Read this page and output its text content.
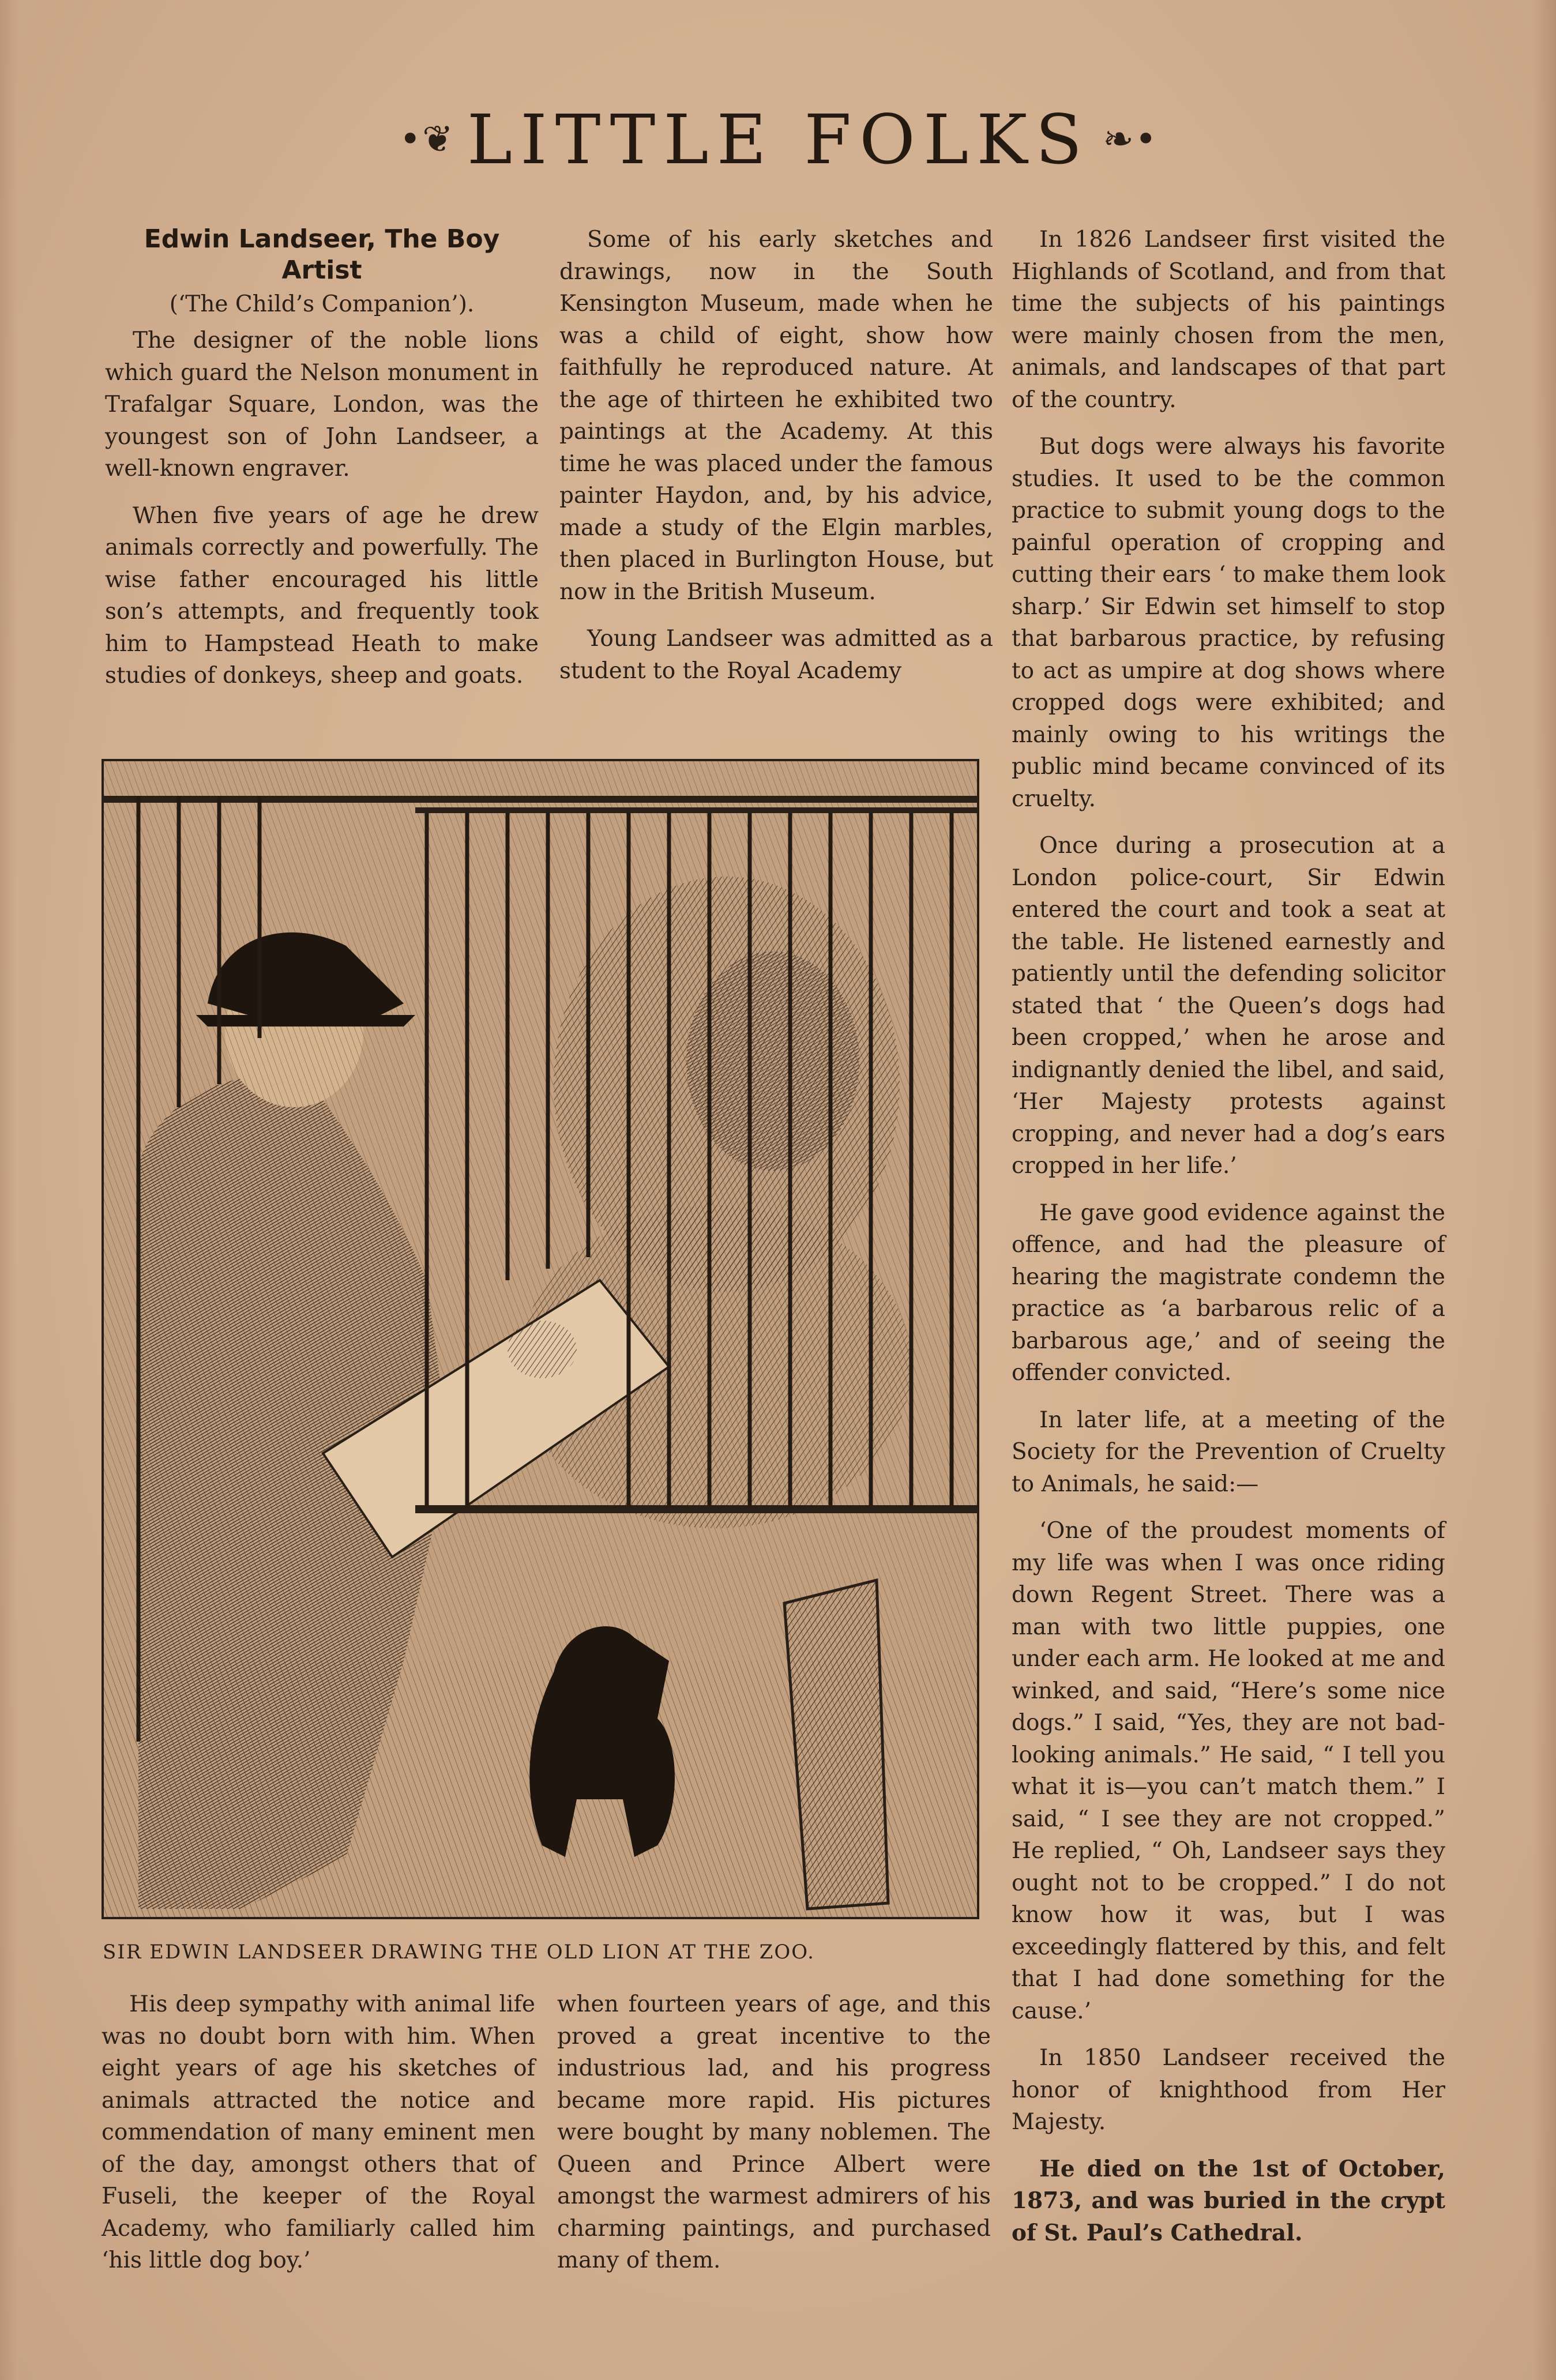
•❦ LITTLE FOLKS ❧•
Edwin Landseer, The Boy Artist
(‘The Child’s Companion’).

The designer of the noble lions which guard the Nelson monument in Trafalgar Square, London, was the youngest son of John Landseer, a well-known engraver.

When five years of age he drew animals correctly and powerfully. The wise father encouraged his little son’s attempts, and frequently took him to Hampstead Heath to make studies of donkeys, sheep and goats.

Some of his early sketches and drawings, now in the South Kensington Museum, made when he was a child of eight, show how faithfully he reproduced nature. At the age of thirteen he exhibited two paintings at the Academy. At this time he was placed under the famous painter Haydon, and, by his advice, made a study of the Elgin marbles, then placed in Burlington House, but now in the British Museum.

Young Landseer was admitted as a student to the Royal Academy

In 1826 Landseer first visited the Highlands of Scotland, and from that time the subjects of his paintings were mainly chosen from the men, animals, and landscapes of that part of the country.

But dogs were always his favorite studies. It used to be the common practice to submit young dogs to the painful operation of cropping and cutting their ears ‘ to make them look sharp.’ Sir Edwin set himself to stop that barbarous practice, by refusing to act as umpire at dog shows where cropped dogs were exhibited; and mainly owing to his writings the public mind became convinced of its cruelty.

Once during a prosecution at a London police-court, Sir Edwin entered the court and took a seat at the table. He listened earnestly and patiently until the defending solicitor stated that ‘ the Queen’s dogs had been cropped,’ when he arose and indignantly denied the libel, and said, ‘Her Majesty protests against cropping, and never had a dog’s ears cropped in her life.’

He gave good evidence against the offence, and had the pleasure of hearing the magistrate condemn the practice as ‘a barbarous relic of a barbarous age,’ and of seeing the offender convicted.

In later life, at a meeting of the Society for the Prevention of Cruelty to Animals, he said:—

‘One of the proudest moments of my life was when I was once riding down Regent Street. There was a man with two little puppies, one under each arm. He looked at me and winked, and said, “Here’s some nice dogs.” I said, “Yes, they are not bad-looking animals.” He said, “ I tell you what it is—you can’t match them.” I said, “ I see they are not cropped.” He replied, “ Oh, Landseer says they ought not to be cropped.” I do not know how it was, but I was exceedingly flattered by this, and felt that I had done something for the cause.’

In 1850 Landseer received the honor of knighthood from Her Majesty.

He died on the 1st of October, 1873, and was buried in the crypt of St. Paul’s Cathedral.

SIR EDWIN LANDSEER DRAWING THE OLD LION AT THE ZOO.

His deep sympathy with animal life was no doubt born with him. When eight years of age his sketches of animals attracted the notice and commendation of many eminent men of the day, amongst others that of Fuseli, the keeper of the Royal Academy, who familiarly called him ‘his little dog boy.’

when fourteen years of age, and this proved a great incentive to the industrious lad, and his progress became more rapid. His pictures were bought by many noblemen. The Queen and Prince Albert were amongst the warmest admirers of his charming paintings, and purchased many of them.
